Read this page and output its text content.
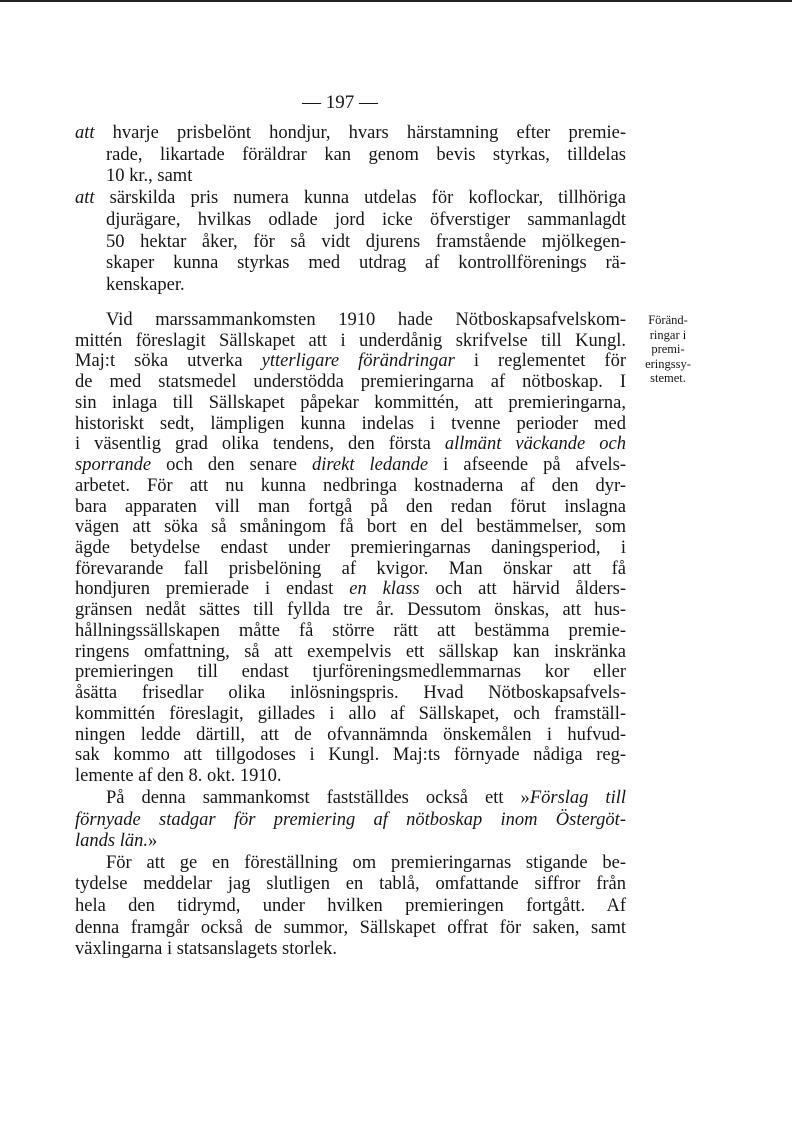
— 197 —
Föränd-
ringar i
premi-
eringssy-
stemet.
att hvarje prisbelönt hondjur, hvars härstamning efter premie-
rade, likartade föräldrar kan genom bevis styrkas, tilldelas
10 kr., samt
att särskilda pris numera kunna utdelas för koflockar, tillhöriga
djurägare, hvilkas odlade jord icke öfverstiger sammanlagdt
50 hektar åker, för så vidt djurens framstående mjölkegen-
skaper kunna styrkas med utdrag af kontrollförenings rä-
kenskaper.
Vid marssammankomsten 1910 hade Nötboskapsafvelskom-
mittén föreslagit Sällskapet att i underdånig skrifvelse till Kungl.
Maj:t söka utverka ytterligare förändringar i reglementet för
de med statsmedel understödda premieringarna af nötboskap. I
sin inlaga till Sällskapet påpekar kommittén, att premieringarna,
historiskt sedt, lämpligen kunna indelas i tvenne perioder med
i väsentlig grad olika tendens, den första allmänt väckande och
sporrande och den senare direkt ledande i afseende på afvels-
arbetet. För att nu kunna nedbringa kostnaderna af den dyr-
bara apparaten vill man fortgå på den redan förut inslagna
vägen att söka så småningom få bort en del bestämmelser, som
ägde betydelse endast under premieringarnas daningsperiod, i
förevarande fall prisbelöning af kvigor. Man önskar att få
hondjuren premierade i endast en klass och att härvid ålders-
gränsen nedåt sättes till fyllda tre år. Dessutom önskas, att hus-
hållningssällskapen måtte få större rätt att bestämma premie-
ringens omfattning, så att exempelvis ett sällskap kan inskränka
premieringen till endast tjurföreningsmedlemmarnas kor eller
åsätta frisedlar olika inlösningspris. Hvad Nötboskapsafvels-
kommittén föreslagit, gillades i allo af Sällskapet, och framställ-
ningen ledde därtill, att de ofvannämnda önskemålen i hufvud-
sak kommo att tillgodoses i Kungl. Maj:ts förnyade nådiga reg-
lemente af den 8. okt. 1910.
På denna sammankomst fastställdes också ett »Förslag till
förnyade stadgar för premiering af nötboskap inom Östergöt-
lands län.»
För att ge en föreställning om premieringarnas stigande be-
tydelse meddelar jag slutligen en tablå, omfattande siffror från
hela den tidrymd, under hvilken premieringen fortgått. Af
denna framgår också de summor, Sällskapet offrat för saken, samt
växlingarna i statsanslagets storlek.
